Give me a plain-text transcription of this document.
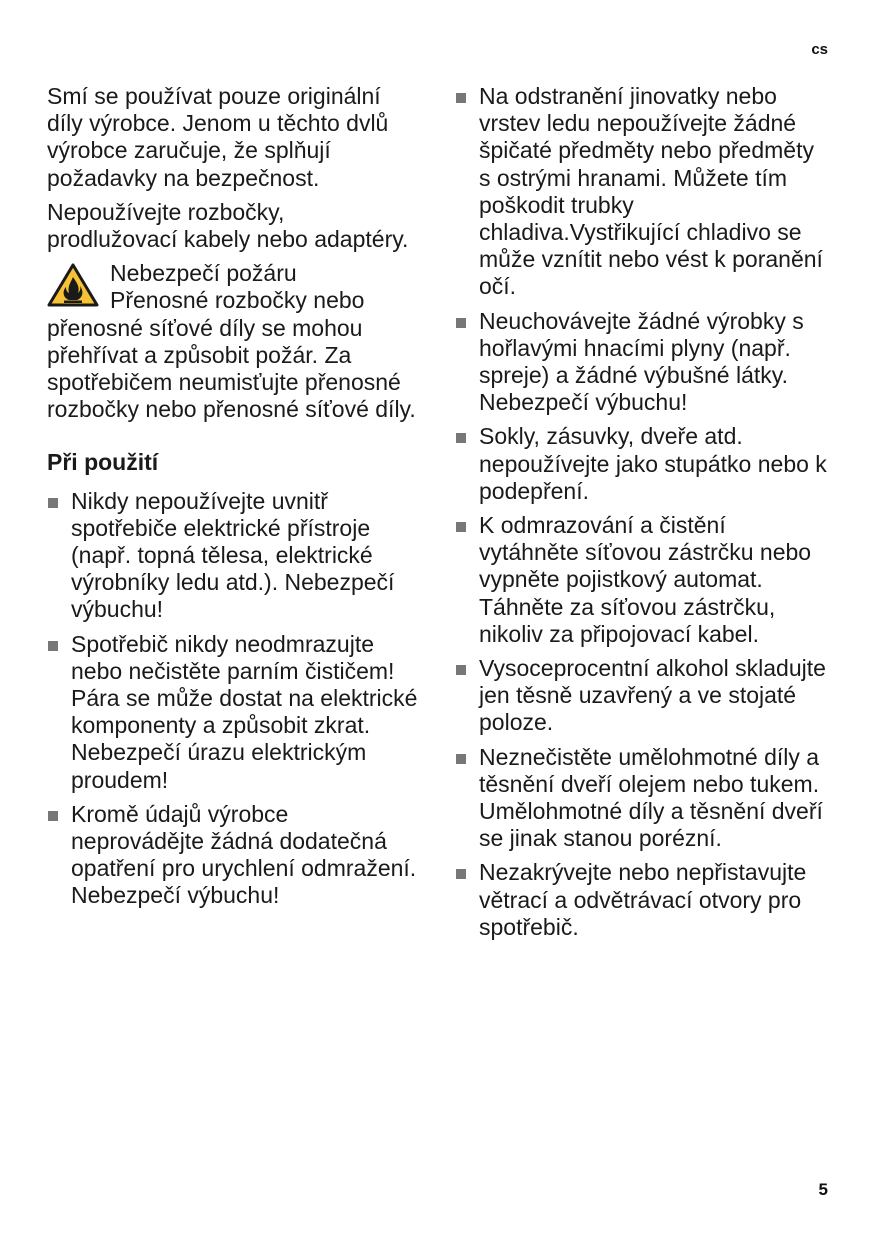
cs

Smí se používat pouze originální díly výrobce. Jenom u těchto dvlů výrobce zaručuje, že splňují požadavky na bezpečnost.

Nepoužívejte rozbočky, prodlužovací kabely nebo adaptéry.

Nebezpečí požáru
Přenosné rozbočky nebo
přenosné síťové díly se mohou přehřívat a způsobit požár. Za spotřebičem neumisťujte přenosné rozbočky nebo přenosné síťové díly.
Při použití
Nikdy nepoužívejte uvnitř spotřebiče elektrické přístroje (např. topná tělesa, elektrické výrobníky ledu atd.). Nebezpečí výbuchu!
Spotřebič nikdy neodmrazujte nebo nečistěte parním čističem! Pára se může dostat na elektrické komponenty a způsobit zkrat. Nebezpečí úrazu elektrickým proudem!
Kromě údajů výrobce neprovádějte žádná dodatečná opatření pro urychlení odmražení. Nebezpečí výbuchu!
Na odstranění jinovatky nebo vrstev ledu nepoužívejte žádné špičaté předměty nebo předměty s ostrými hranami. Můžete tím poškodit trubky chladiva.Vystřikující chladivo se může vznítit nebo vést k poranění očí.
Neuchovávejte žádné výrobky s hořlavými hnacími plyny (např. spreje) a žádné výbušné látky. Nebezpečí výbuchu!
Sokly, zásuvky, dveře atd. nepoužívejte jako stupátko nebo k podepření.
K odmrazování a čistění vytáhněte síťovou zástrčku nebo vypněte pojistkový automat. Táhněte za síťovou zástrčku, nikoliv za připojovací kabel.
Vysoceprocentní alkohol skladujte jen těsně uzavřený a ve stojaté poloze.
Neznečistěte umělohmotné díly a těsnění dveří olejem nebo tukem. Umělohmotné díly a těsnění dveří se jinak stanou porézní.
Nezakrývejte nebo nepřistavujte větrací a odvětrávací otvory pro spotřebič.
5
